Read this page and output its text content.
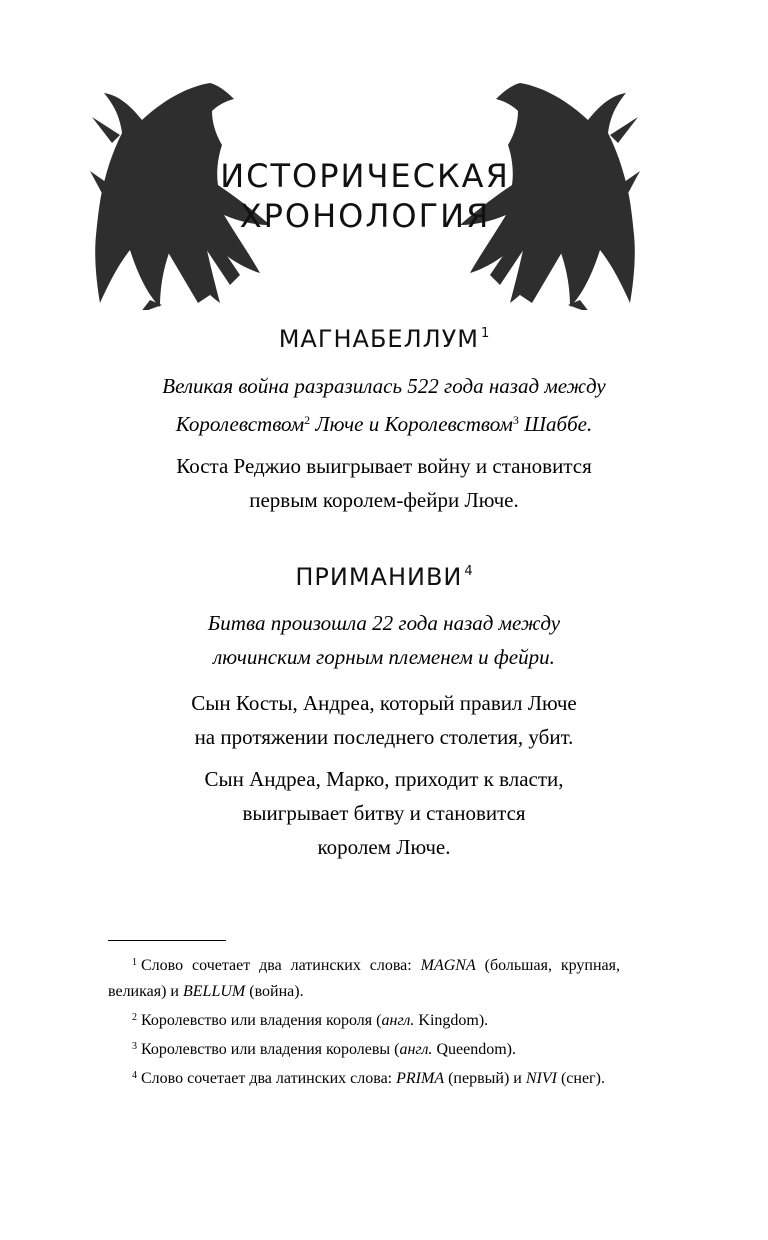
ИСТОРИЧЕСКАЯ
ХРОНОЛОГИЯ
МАГНАБЕЛЛУМ $^1$
Великая война разразилась 522 года назад между
Королевством$^2$ Люче и Королевством$^3$ Шаббе.
Коста Реджио выигрывает войну и становится
первым королем-фейри Люче.
ПРИМАНИВИ $^4$
Битва произошла 22 года назад между
лючинским горным племенем и фейри.
Сын Косты, Андреа, который правил Люче
на протяжении последнего столетия, убит.
Сын Андреа, Марко, приходит к власти,
выигрывает битву и становится
королем Люче.

$^1$ Слово сочетает два латинских слова: MAGNA (большая, крупная, великая) и BELLUM (война).

$^2$ Королевство или владения короля (англ. Kingdom).

$^3$ Королевство или владения королевы (англ. Queendom).

$^4$ Слово сочетает два латинских слова: PRIMA (первый) и NIVI (снег).
